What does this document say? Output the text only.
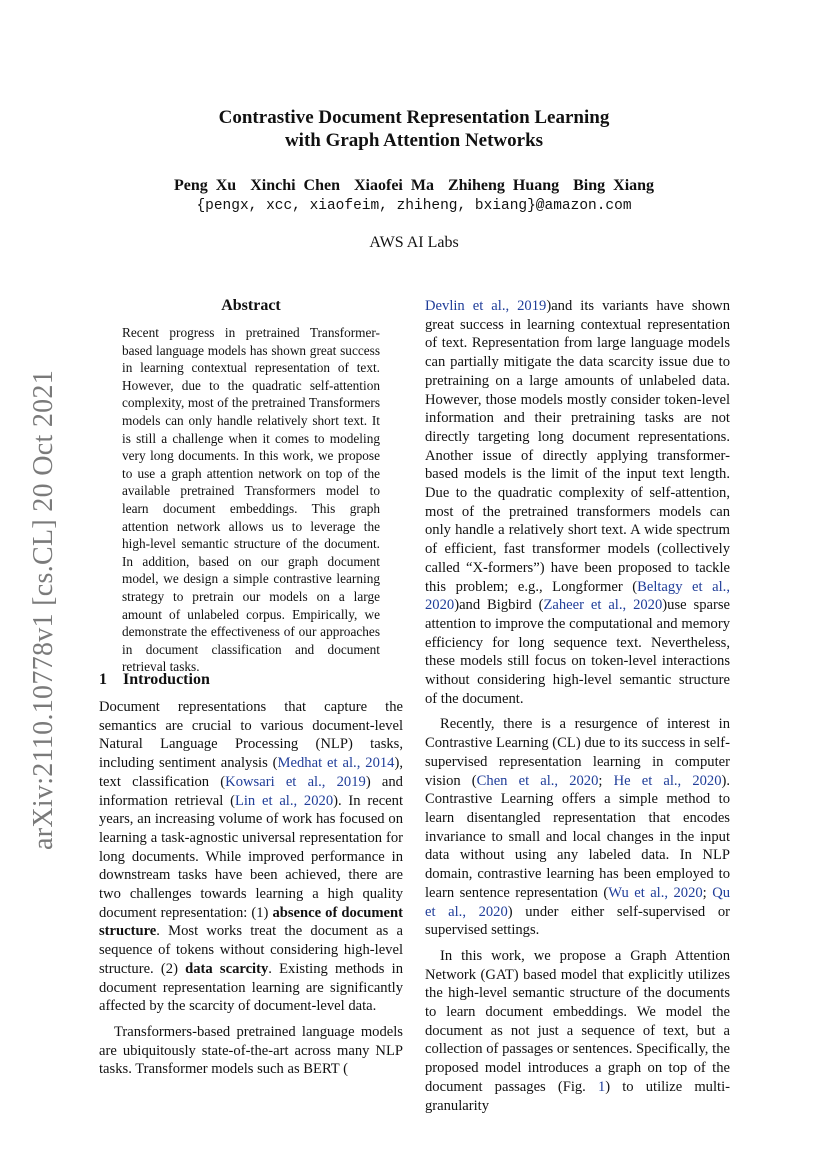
arXiv:2110.10778v1 [cs.CL] 20 Oct 2021
Contrastive Document Representation Learning
with Graph Attention Networks
Peng Xu Xinchi Chen Xiaofei Ma Zhiheng Huang Bing Xiang
{pengx, xcc, xiaofeim, zhiheng, bxiang}@amazon.com
AWS AI Labs
Abstract

Recent progress in pretrained Transformer-based language models has shown great success in learning contextual representation of text. However, due to the quadratic self-attention complexity, most of the pretrained Transformers models can only handle relatively short text. It is still a challenge when it comes to modeling very long documents. In this work, we propose to use a graph attention network on top of the available pretrained Transformers model to learn document embeddings. This graph attention network allows us to leverage the high-level semantic structure of the document. In addition, based on our graph document model, we design a simple contrastive learning strategy to pretrain our models on a large amount of unlabeled corpus. Empirically, we demonstrate the effectiveness of our approaches in document classification and document retrieval tasks.

1 Introduction

Document representations that capture the semantics are crucial to various document-level Natural Language Processing (NLP) tasks, including sentiment analysis (Medhat et al., 2014), text classification (Kowsari et al., 2019) and information retrieval (Lin et al., 2020). In recent years, an increasing volume of work has focused on learning a task-agnostic universal representation for long documents. While improved performance in downstream tasks have been achieved, there are two challenges towards learning a high quality document representation: (1) absence of document structure. Most works treat the document as a sequence of tokens without considering high-level structure. (2) data scarcity. Existing methods in document representation learning are significantly affected by the scarcity of document-level data.

Transformers-based pretrained language models are ubiquitously state-of-the-art across many NLP tasks. Transformer models such as BERT (

Devlin et al., 2019)and its variants have shown great success in learning contextual representation of text. Representation from large language models can partially mitigate the data scarcity issue due to pretraining on a large amounts of unlabeled data. However, those models mostly consider token-level information and their pretraining tasks are not directly targeting long document representations. Another issue of directly applying transformer-based models is the limit of the input text length. Due to the quadratic complexity of self-attention, most of the pretrained transformers models can only handle a relatively short text. A wide spectrum of efficient, fast transformer models (collectively called “X-formers”) have been proposed to tackle this problem; e.g., Longformer (Beltagy et al., 2020)and Bigbird (Zaheer et al., 2020)use sparse attention to improve the computational and memory efficiency for long sequence text. Nevertheless, these models still focus on token-level interactions without considering high-level semantic structure of the document.

Recently, there is a resurgence of interest in Contrastive Learning (CL) due to its success in self-supervised representation learning in computer vision (Chen et al., 2020; He et al., 2020). Contrastive Learning offers a simple method to learn disentangled representation that encodes invariance to small and local changes in the input data without using any labeled data. In NLP domain, contrastive learning has been employed to learn sentence representation (Wu et al., 2020; Qu et al., 2020) under either self-supervised or supervised settings.

In this work, we propose a Graph Attention Network (GAT) based model that explicitly utilizes the high-level semantic structure of the documents to learn document embeddings. We model the document as not just a sequence of text, but a collection of passages or sentences. Specifically, the proposed model introduces a graph on top of the document passages (Fig. 1) to utilize multi-granularity
